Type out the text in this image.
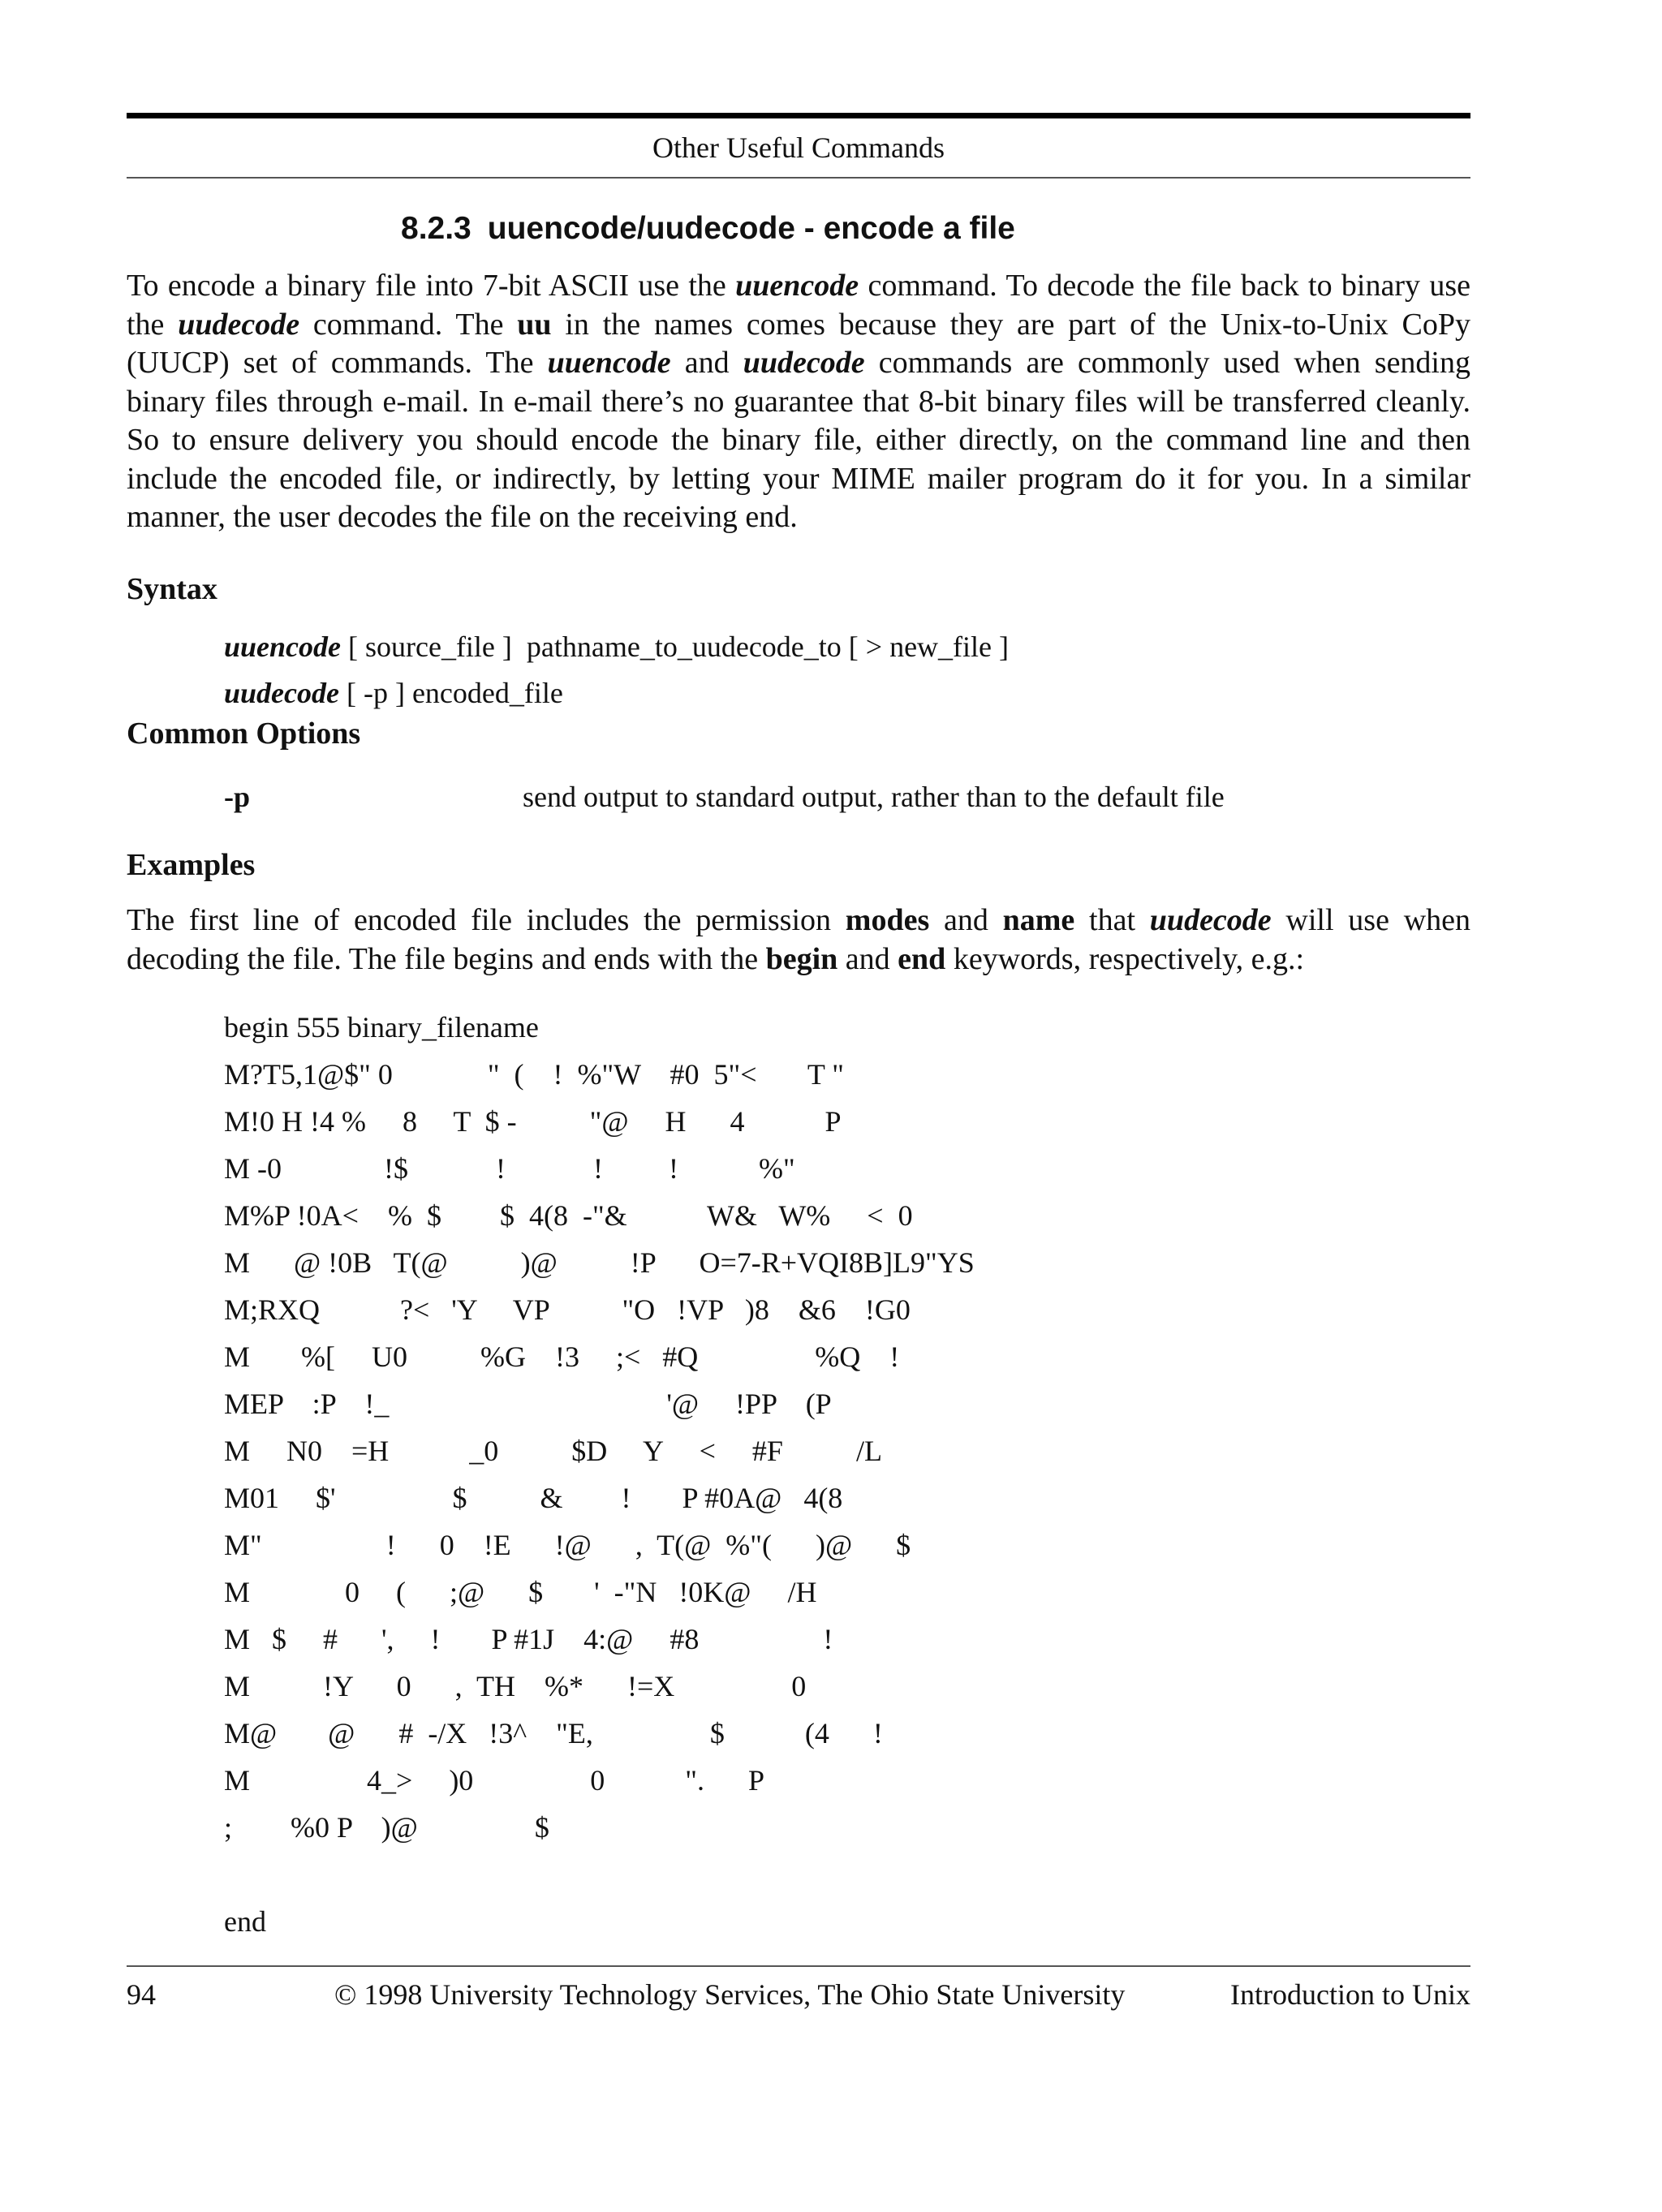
Other Useful Commands
8.2.3 uuencode/uudecode - encode a file

To encode a binary file into 7-bit ASCII use the uuencode command. To decode the file back to binary use the uudecode command. The uu in the names comes because they are part of the Unix-to-Unix CoPy (UUCP) set of commands. The uuencode and uudecode commands are commonly used when sending binary files through e-mail. In e-mail there’s no guarantee that 8-bit binary files will be transferred cleanly. So to ensure delivery you should encode the binary file, either directly, on the command line and then include the encoded file, or indirectly, by letting your MIME mailer program do it for you. In a similar manner, the user decodes the file on the receiving end.

Syntax
uuencode [ source_file ]  pathname_to_uudecode_to [ > new_file ]
uudecode [ -p ] encoded_file
Common Options
-p	send output to standard output, rather than to the default file
Examples

The first line of encoded file includes the permission modes and name that uudecode will use when decoding the file. The file begins and ends with the begin and end keywords, respectively, e.g.:

begin 555 binary_filename
M?T5,1@$" 0             "  (    !  %"W    #0  5"<       T "
M!0 H !4 %     8     T  $ -          "@     H      4           P
M -0              !$            !            !         !           %"
M%P !0A<    %  $        $  4(8  -"&           W&   W%     <  0
M      @ !0B   T(@          )@          !P      O=7-R+VQI8B]L9"YS
M;RXQ           ?<   'Y     VP          "O   !VP   )8    &6    !G0
M       %[     U0          %G    !3     ;<   #Q                %Q    !
MEP    :P    !_                                      '@     !PP    (P
M     N0    =H           _0          $D     Y     <     #F          /L
M01     $'                $          &        !       P #0A@   4(8
M"                 !      0    !E      !@      ,  T(@  %"(      )@      $
M             0     (      ;@      $       '  -"N   !0K@     /H
M   $     #      ',     !       P #1J    4:@     #8                 !
M          !Y      0      ,  TH    %*      !=X                0
M@       @      #  -/X   !3^    "E,                $           (4      !
M                4_>     )0                0           ".      P
;        %0 P    )@                $
end
94	© 1998 University Technology Services, The Ohio State University	Introduction to Unix
